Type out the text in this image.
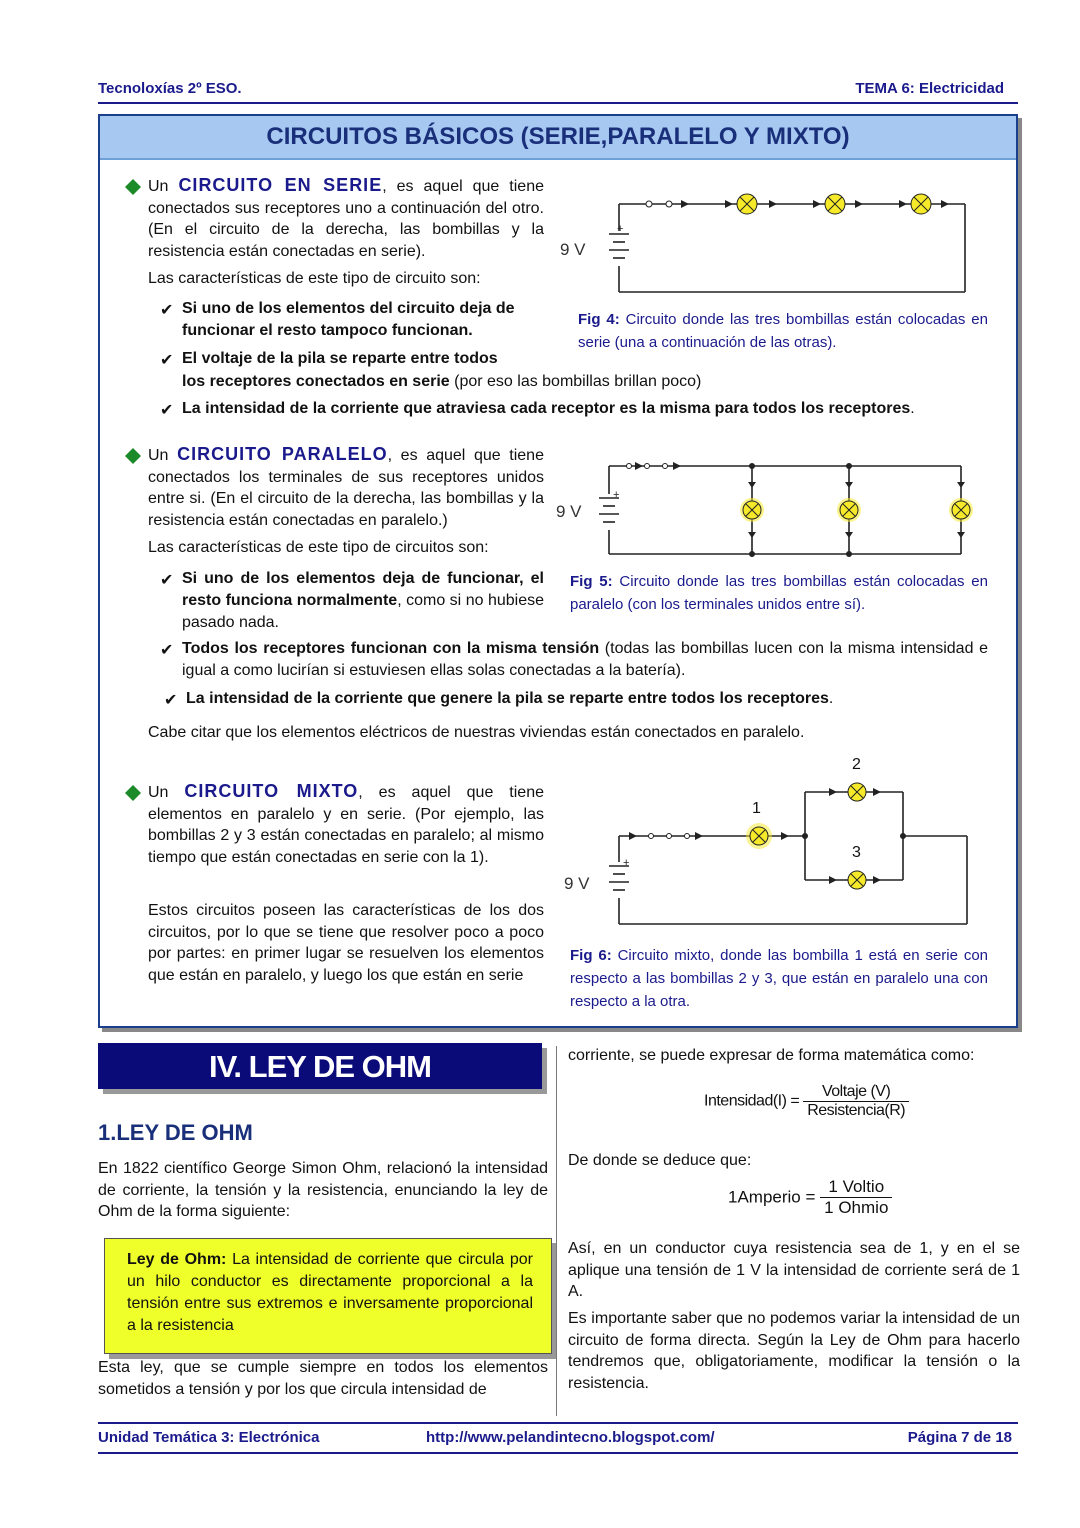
Tecnoloxías 2º ESO.	TEMA 6: Electricidad
CIRCUITOS BÁSICOS (SERIE,PARALELO Y MIXTO)
Un CIRCUITO EN SERIE, es aquel que tiene conectados sus receptores uno a continuación del otro. (En el circuito de la derecha, las bombillas y la resistencia están conectadas en serie).
Las características de este tipo de circuito son:
✔ Si uno de los elementos del circuito deja de funcionar el resto tampoco funcionan.
✔ El voltaje de la pila se reparte entre todos
los receptores conectados en serie (por eso las bombillas brillan poco)
✔ La intensidad de la corriente que atraviesa cada receptor es la misma para todos los receptores.
+
9 V
Fig 4: Circuito donde las tres bombillas están colocadas en serie (una a continuación de las otras).
Un CIRCUITO PARALELO, es aquel que tiene conectados los terminales de sus receptores unidos entre si. (En el circuito de la derecha, las bombillas y la resistencia están conectadas en paralelo.)
Las características de este tipo de circuitos son:
✔ Si uno de los elementos deja de funcionar, el resto funciona normalmente, como si no hubiese pasado nada.
✔ Todos los receptores funcionan con la misma tensión (todas las bombillas lucen con la misma intensidad e igual a como lucirían si estuviesen ellas solas conectadas a la batería).
✔ La intensidad de la corriente que genere la pila se reparte entre todos los receptores.
Cabe citar que los elementos eléctricos de nuestras viviendas están conectados en paralelo.
+
9 V
Fig 5: Circuito donde las tres bombillas están colocadas en paralelo (con los terminales unidos entre sí).
Un CIRCUITO MIXTO, es aquel que tiene elementos en paralelo y en serie. (Por ejemplo, las bombillas 2 y 3 están conectadas en paralelo; al mismo tiempo que están conectadas en serie con la 1).
Estos circuitos poseen las características de los dos circuitos, por lo que se tiene que resolver poco a poco por partes: en primer lugar se resuelven los elementos que están en paralelo, y luego los que están en serie
+
1
2
3
9 V
Fig 6: Circuito mixto, donde las bombilla 1 está en serie con respecto a las bombillas 2 y 3, que están en paralelo una con respecto a la otra.
IV. LEY DE OHM
1.LEY DE OHM
En 1822 científico George Simon Ohm, relacionó la intensidad de corriente, la tensión y la resistencia, enunciando la ley de Ohm de la forma siguiente:
Ley de Ohm: La intensidad de corriente que circula por un hilo conductor es directamente proporcional a la tensión entre sus extremos e inversamente proporcional a la resistencia
Esta ley, que se cumple siempre en todos los elementos sometidos a tensión y por los que circula intensidad de
corriente, se puede expresar de forma matemática como:
Intensidad(I) = $\frac{\text{Voltaje (V)}}{\text{Resistencia(R)}}$
De donde se deduce que:
1Amperio = $\frac{\text{1 Voltio}}{\text{1 Ohmio}}$
Así, en un conductor cuya resistencia sea de 1, y en el se aplique una tensión de 1 V la intensidad de corriente será de 1 A.
Es importante saber que no podemos variar la intensidad de un circuito de forma directa. Según la Ley de Ohm para hacerlo tendremos que, obligatoriamente, modificar la tensión o la resistencia.
Unidad Temática 3: Electrónica	http://www.pelandintecno.blogspot.com/	Página 7 de 18
